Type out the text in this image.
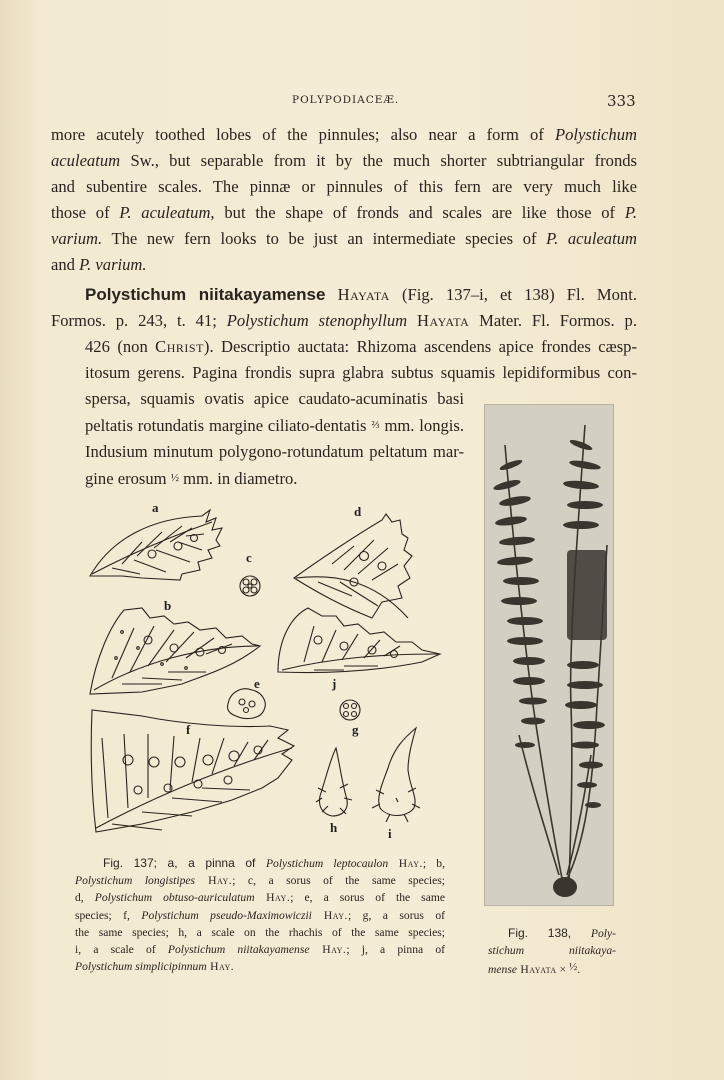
POLYPODIACEÆ.	333
more acutely toothed lobes of the pinnules; also near a form of Polystichum
aculeatum Sw., but separable from it by the much shorter subtriangular fronds
and subentire scales. The pinnæ or pinnules of this fern are very much like
those of P. aculeatum, but the shape of fronds and scales are like those of P.
varium. The new fern looks to be just an intermediate species of P. aculeatum
and P. varium.
Polystichum niitakayamense Hayata (Fig. 137–i, et 138) Fl. Mont.
Formos. p. 243, t. 41; Polystichum stenophyllum Hayata Mater. Fl. Formos. p.
426 (non Christ). Descriptio auctata: Rhizoma ascendens apice frondes cæsp-
itosum gerens. Pagina frondis supra glabra subtus squamis lepidiformibus con-
spersa, squamis ovatis apice caudato-acuminatis basi
peltatis rotundatis margine ciliato-dentatis ⅔ mm. longis.
Indusium minutum polygono-rotundatum peltatum mar-
gine erosum ½ mm. in diametro.
a
b
c
d
e
f	g
h	i
j
Fig. 137; a, a pinna of Polystichum leptocaulon Hay.; b,
Polystichum longistipes Hay.; c, a sorus of the same species;
d, Polystichum obtuso-auriculatum Hay.; e, a sorus of the same
species; f, Polystichum pseudo-Maximowiczii Hay.; g, a sorus of
the same species; h, a scale on the rhachis of the same species;
i, a scale of Polystichum niitakayamense Hay.; j, a pinna of
Polystichum simplicipinnum Hay.
Fig. 138, Poly-
stichum niitakaya-
mense Hayata × ½.
